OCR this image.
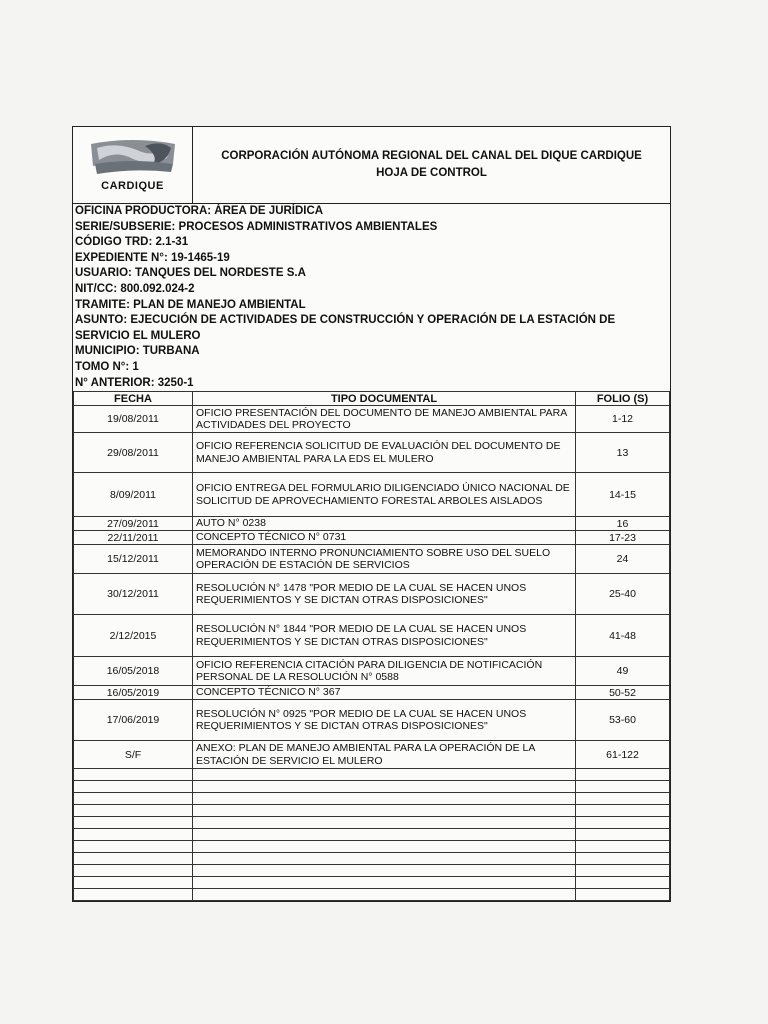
CARDIQUE
CORPORACIÓN AUTÓNOMA REGIONAL DEL CANAL DEL DIQUE CARDIQUE
HOJA DE CONTROL
OFICINA PRODUCTORA: ÁREA DE JURÍDICA
SERIE/SUBSERIE: PROCESOS ADMINISTRATIVOS AMBIENTALES
CÓDIGO TRD: 2.1-31
EXPEDIENTE N°: 19-1465-19
USUARIO: TANQUES DEL NORDESTE S.A
NIT/CC: 800.092.024-2
TRAMITE: PLAN DE MANEJO AMBIENTAL
ASUNTO: EJECUCIÓN DE ACTIVIDADES DE CONSTRUCCIÓN Y OPERACIÓN DE LA ESTACIÓN DE SERVICIO EL MULERO
MUNICIPIO: TURBANA
TOMO N°: 1
N° ANTERIOR: 3250-1
FECHA	TIPO DOCUMENTAL	FOLIO (S)
19/08/2011	OFICIO PRESENTACIÓN DEL DOCUMENTO DE MANEJO AMBIENTAL PARA ACTIVIDADES DEL PROYECTO	1-12
29/08/2011	OFICIO REFERENCIA SOLICITUD DE EVALUACIÓN DEL DOCUMENTO DE MANEJO AMBIENTAL PARA LA EDS EL MULERO	13
8/09/2011	OFICIO ENTREGA DEL FORMULARIO DILIGENCIADO ÚNICO NACIONAL DE SOLICITUD DE APROVECHAMIENTO FORESTAL ARBOLES AISLADOS	14-15
27/09/2011	AUTO N° 0238	16
22/11/2011	CONCEPTO TÉCNICO N° 0731	17-23
15/12/2011	MEMORANDO INTERNO PRONUNCIAMIENTO SOBRE USO DEL SUELO OPERACIÓN DE ESTACIÓN DE SERVICIOS	24
30/12/2011	RESOLUCIÓN N° 1478 "POR MEDIO DE LA CUAL SE HACEN UNOS REQUERIMIENTOS Y SE DICTAN OTRAS DISPOSICIONES"	25-40
2/12/2015	RESOLUCIÓN N° 1844 "POR MEDIO DE LA CUAL SE HACEN UNOS REQUERIMIENTOS Y SE DICTAN OTRAS DISPOSICIONES"	41-48
16/05/2018	OFICIO REFERENCIA CITACIÓN PARA DILIGENCIA DE NOTIFICACIÓN PERSONAL DE LA RESOLUCIÓN N° 0588	49
16/05/2019	CONCEPTO TÉCNICO N° 367	50-52
17/06/2019	RESOLUCIÓN N° 0925 "POR MEDIO DE LA CUAL SE HACEN UNOS REQUERIMIENTOS Y SE DICTAN OTRAS DISPOSICIONES"	53-60
S/F	ANEXO: PLAN DE MANEJO AMBIENTAL PARA LA OPERACIÓN DE LA ESTACIÓN DE SERVICIO EL MULERO	61-122
